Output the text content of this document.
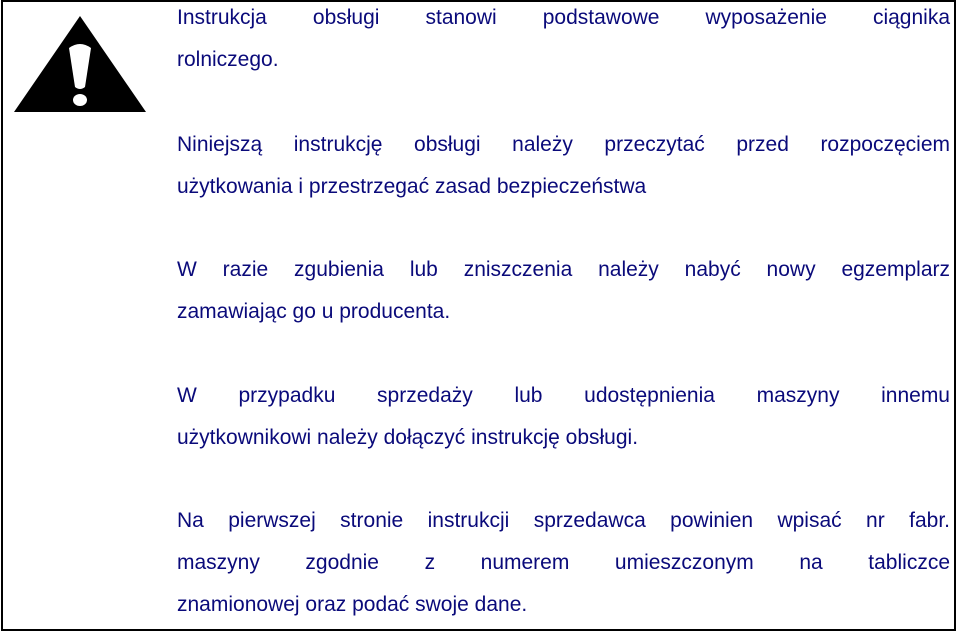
Instrukcja obsługi stanowi podstawowe wyposażenie ciągnika
rolniczego.
Niniejszą instrukcję obsługi należy przeczytać przed rozpoczęciem
użytkowania i przestrzegać zasad bezpieczeństwa
W razie zgubienia lub zniszczenia należy nabyć nowy egzemplarz
zamawiając go u producenta.
W przypadku sprzedaży lub udostępnienia maszyny innemu
użytkownikowi należy dołączyć instrukcję obsługi.
Na pierwszej stronie instrukcji sprzedawca powinien wpisać nr fabr.
maszyny zgodnie z numerem umieszczonym na tabliczce
znamionowej oraz podać swoje dane.
